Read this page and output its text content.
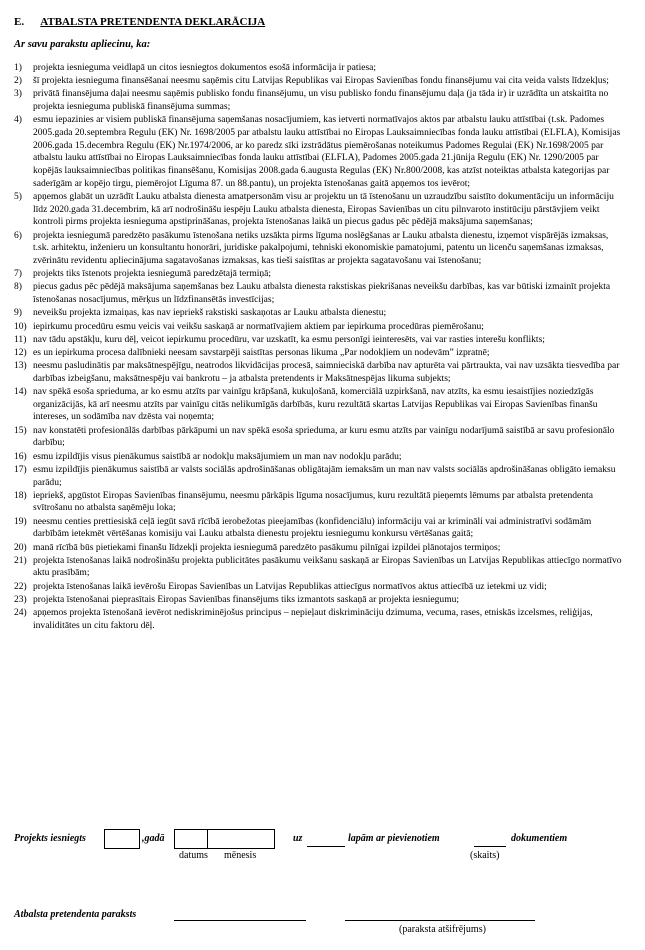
E. ATBALSTA PRETENDENTA DEKLARĀCIJA
Ar savu parakstu apliecinu, ka:
1) projekta iesnieguma veidlapā un citos iesniegtos dokumentos esošā informācija ir patiesa;
2) šī projekta iesnieguma finansēšanai neesmu saņēmis citu Latvijas Republikas vai Eiropas Savienības fondu finansējumu vai cita veida valsts līdzekļus;
3) privātā finansējuma daļai neesmu saņēmis publisko fondu finansējumu, un visu publisko fondu finansējumu daļa (ja tāda ir) ir uzrādīta un atskaitīta no projekta iesnieguma publiskā finansējuma summas;
4) esmu iepazinies ar visiem publiskā finansējuma saņemšanas nosacījumiem, kas ietverti normatīvajos aktos par atbalstu lauku attīstībai (t.sk. Padomes 2005.gada 20.septembra Regulu (EK) Nr. 1698/2005 par atbalstu lauku attīstībai no Eiropas Lauksaimniecības fonda lauku attīstībai (ELFLA), Komisijas 2006.gada 15.decembra Regulu (EK) Nr.1974/2006, ar ko paredz sīki izstrādātus piemērošanas noteikumus Padomes Regulai (EK) Nr.1698/2005 par atbalstu lauku attīstībai no Eiropas Lauksaimniecības fonda lauku attīstībai (ELFLA), Padomes 2005.gada 21.jūnija Regulu (EK) Nr. 1290/2005 par kopējās lauksaimniecības politikas finansēšanu, Komisijas 2008.gada 6.augusta Regulas (EK) Nr.800/2008, kas atzīst noteiktas atbalsta kategorijas par saderīgām ar kopējo tirgu, piemērojot Līguma 87. un 88.pantu), un projekta īstenošanas gaitā apņemos tos ievērot;
5) apņemos glabāt un uzrādīt Lauku atbalsta dienesta amatpersonām visu ar projektu un tā īstenošanu un uzraudzību saistīto dokumentāciju un informāciju līdz 2020.gada 31.decembrim, kā arī nodrošināšu iespēju Lauku atbalsta dienesta, Eiropas Savienības un citu pilnvaroto institūciju pārstāvjiem veikt kontroli pirms projekta iesnieguma apstiprināšanas, projekta īstenošanas laikā un piecus gadus pēc pēdējā maksājuma saņemšanas;
6) projekta iesniegumā paredzēto pasākumu īstenošana netiks uzsākta pirms līguma noslēgšanas ar Lauku atbalsta dienestu, izņemot vispārējās izmaksas, t.sk. arhitektu, inženieru un konsultantu honorāri, juridiske pakalpojumi, tehniski ekonomiskie pamatojumi, patentu un licenču saņemšanas izmaksas, zvērinātu revidentu apliecinājuma sagatavošanas izmaksas, kas tieši saistītas ar projekta sagatavošanu vai īstenošanu;
7) projekts tiks īstenots projekta iesniegumā paredzētajā termiņā;
8) piecus gadus pēc pēdējā maksājuma saņemšanas bez Lauku atbalsta dienesta rakstiskas piekrišanas neveikšu darbības, kas var būtiski izmainīt projekta īstenošanas nosacījumus, mērķus un līdzfinansētās investīcijas;
9) neveikšu projekta izmaiņas, kas nav iepriekš rakstiski saskaņotas ar Lauku atbalsta dienestu;
10) iepirkumu procedūru esmu veicis vai veikšu saskaņā ar normatīvajiem aktiem par iepirkuma procedūras piemērošanu;
11) nav tādu apstākļu, kuru dēļ, veicot iepirkumu procedūru, var uzskatīt, ka esmu personīgi ieinteresēts, vai var rasties interešu konflikts;
12) es un iepirkuma procesa dalībnieki neesam savstarpēji saistītas personas likuma „Par nodokļiem un nodevām” izpratnē;
13) neesmu pasludinātis par maksātnespējīgu, neatrodos likvidācijas procesā, saimnieciskā darbība nav apturēta vai pārtraukta, vai nav uzsākta tiesvedība par darbības izbeigšanu, maksātnespēju vai bankrotu – ja atbalsta pretendents ir Maksātnespējas likuma subjekts;
14) nav spēkā esoša sprieduma, ar ko esmu atzīts par vainīgu krāpšanā, kukuļošanā, komerciālā uzpirkšanā, nav atzīts, ka esmu iesaistījies noziedzīgās organizācijās, kā arī neesmu atzīts par vainīgu citās nelikumīgās darbībās, kuru rezultātā skartas Latvijas Republikas vai Eiropas Savienības finanšu intereses, un sodāmība nav dzēsta vai noņemta;
15) nav konstatēti profesionālās darbības pārkāpumi un nav spēkā esoša sprieduma, ar kuru esmu atzīts par vainīgu nodarījumā saistībā ar savu profesionālo darbību;
16) esmu izpildījis visus pienākumus saistībā ar nodokļu maksājumiem un man nav nodokļu parādu;
17) esmu izpildījis pienākumus saistībā ar valsts sociālās apdrošināšanas obligātajām iemaksām un man nav valsts sociālās apdrošināšanas obligāto iemaksu parādu;
18) iepriekš, apgūstot Eiropas Savienības finansējumu, neesmu pārkāpis līguma nosacījumus, kuru rezultātā pieņemts lēmums par atbalsta pretendenta svītrošanu no atbalsta saņēmēju loka;
19) neesmu centies prettiesiskā ceļā iegūt savā rīcībā ierobežotas pieejamības (konfidenciālu) informāciju vai ar krimināli vai administratīvi sodāmām darbībām ietekmēt vērtēšanas komisiju vai Lauku atbalsta dienestu projektu iesniegumu konkursu vērtēšanas gaitā;
20) manā rīcībā būs pietiekami finanšu līdzekļi projekta iesniegumā paredzēto pasākumu pilnīgai izpildei plānotajos termiņos;
21) projekta īstenošanas laikā nodrošināšu projekta publicitātes pasākumu veikšanu saskaņā ar Eiropas Savienības un Latvijas Republikas attiecīgo normatīvo aktu prasībām;
22) projekta īstenošanas laikā ievērošu Eiropas Savienības un Latvijas Republikas attiecīgus normatīvos aktus attiecībā uz ietekmi uz vidi;
23) projekta īstenošanai pieprasītais Eiropas Savienības finansējums tiks izmantots saskaņā ar projekta iesniegumu;
24) apņemos projekta īstenošanā ievērot nediskriminējošus principus – nepieļaut diskrimināciju dzimuma, vecuma, rases, etniskās izcelsmes, reliģijas, invaliditātes un citu faktoru dēļ.
Projekts iesniegts	,gadā	uz	lapām ar pievienotiem	dokumentiem
datums mēnesis	(skaits)
Atbalsta pretendenta paraksts
(paraksta atšifrējums)
